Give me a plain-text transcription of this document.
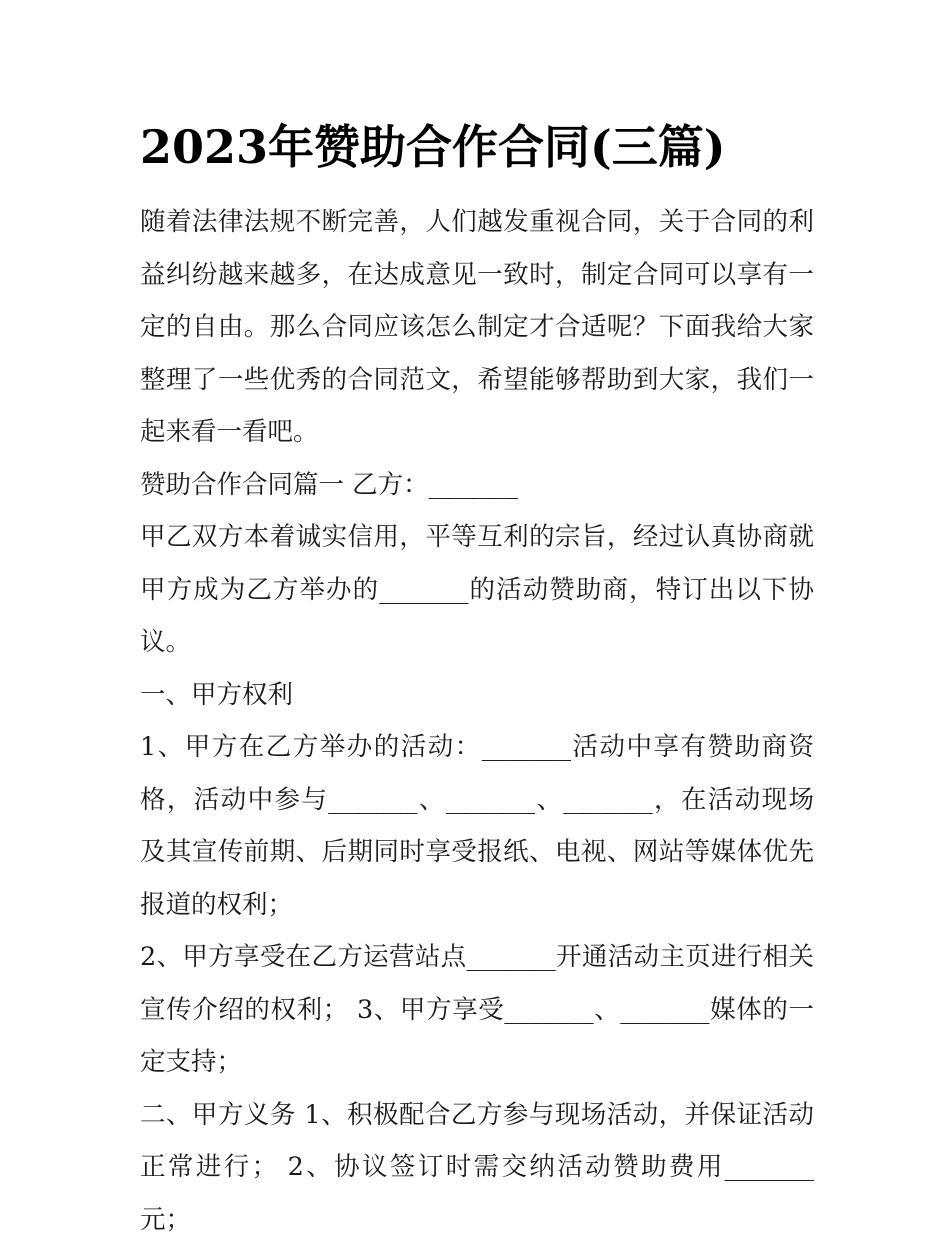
2023年赞助合作合同(三篇)

随着法律法规不断完善，人们越发重视合同，关于合同的利益纠纷越来越多，在达成意见一致时，制定合同可以享有一定的自由。那么合同应该怎么制定才合适呢？下面我给大家整理了一些优秀的合同范文，希望能够帮助到大家，我们一起来看一看吧。

赞助合作合同篇一 乙方：_______

甲乙双方本着诚实信用，平等互利的宗旨，经过认真协商就甲方成为乙方举办的_______的活动赞助商，特订出以下协议。

一、甲方权利

1、甲方在乙方举办的活动：_______活动中享有赞助商资格，活动中参与_______、_______、_______，在活动现场及其宣传前期、后期同时享受报纸、电视、网站等媒体优先报道的权利；

2、甲方享受在乙方运营站点_______开通活动主页进行相关宣传介绍的权利； 3、甲方享受_______、_______媒体的一定支持；

二、甲方义务 1、积极配合乙方参与现场活动，并保证活动正常进行； 2、协议签订时需交纳活动赞助费用_______元；
